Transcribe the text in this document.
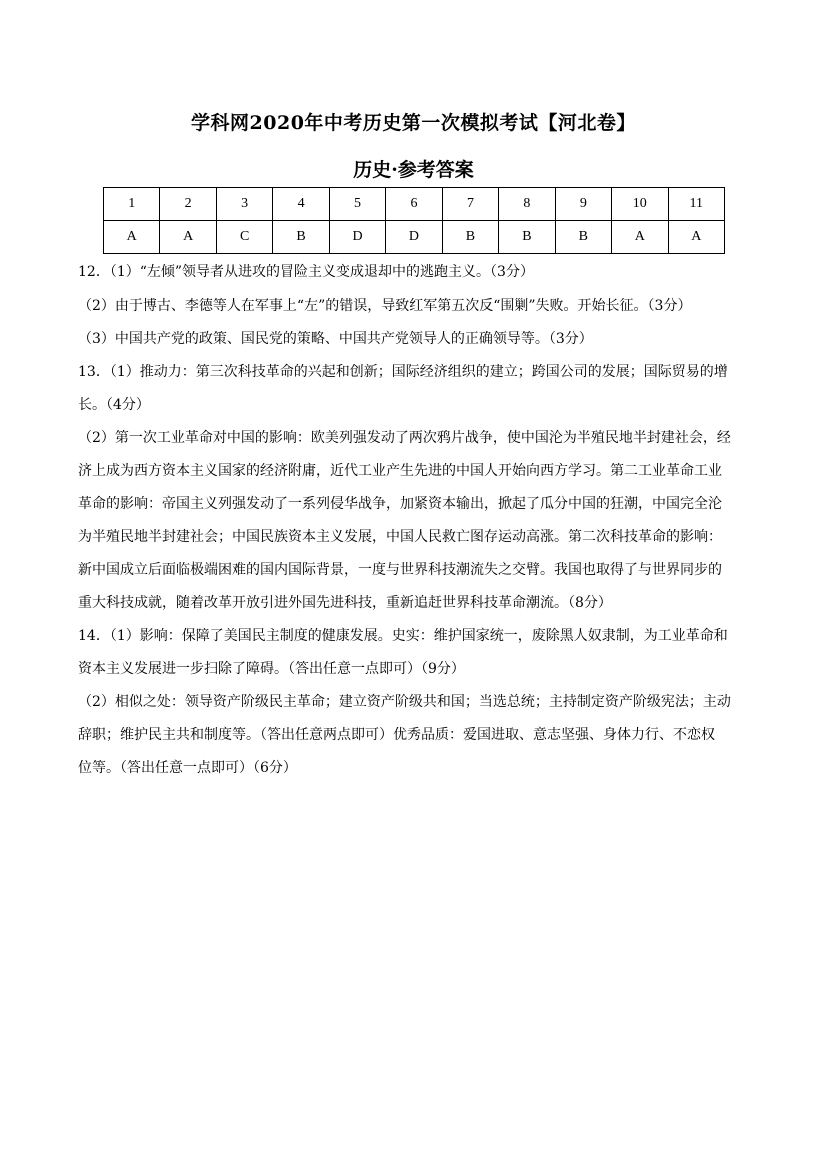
学科网2020年中考历史第一次模拟考试【河北卷】
历史·参考答案
1	2	3	4	5	6	7	8	9	10	11
A	A	C	B	D	D	B	B	B	A	A
12．（1）“左倾”领导者从进攻的冒险主义变成退却中的逃跑主义。（3分）
（2）由于博古、李德等人在军事上“左”的错误，导致红军第五次反“围剿”失败。开始长征。（3分）
（3）中国共产党的政策、国民党的策略、中国共产党领导人的正确领导等。（3分）
13．（1）推动力：第三次科技革命的兴起和创新；国际经济组织的建立；跨国公司的发展；国际贸易的增
长。（4分）
（2）第一次工业革命对中国的影响：欧美列强发动了两次鸦片战争，使中国沦为半殖民地半封建社会，经
济上成为西方资本主义国家的经济附庸，近代工业产生先进的中国人开始向西方学习。第二工业革命工业
革命的影响：帝国主义列强发动了一系列侵华战争，加紧资本输出，掀起了瓜分中国的狂潮，中国完全沦
为半殖民地半封建社会；中国民族资本主义发展，中国人民救亡图存运动高涨。第二次科技革命的影响：
新中国成立后面临极端困难的国内国际背景，一度与世界科技潮流失之交臂。我国也取得了与世界同步的
重大科技成就，随着改革开放引进外国先进科技，重新追赶世界科技革命潮流。（8分）
14．（1）影响：保障了美国民主制度的健康发展。史实：维护国家统一，废除黑人奴隶制，为工业革命和
资本主义发展进一步扫除了障碍。（答出任意一点即可）（9分）
（2）相似之处：领导资产阶级民主革命；建立资产阶级共和国；当选总统；主持制定资产阶级宪法；主动
辞职；维护民主共和制度等。（答出任意两点即可）优秀品质：爱国进取、意志坚强、身体力行、不恋权
位等。（答出任意一点即可）（6分）
